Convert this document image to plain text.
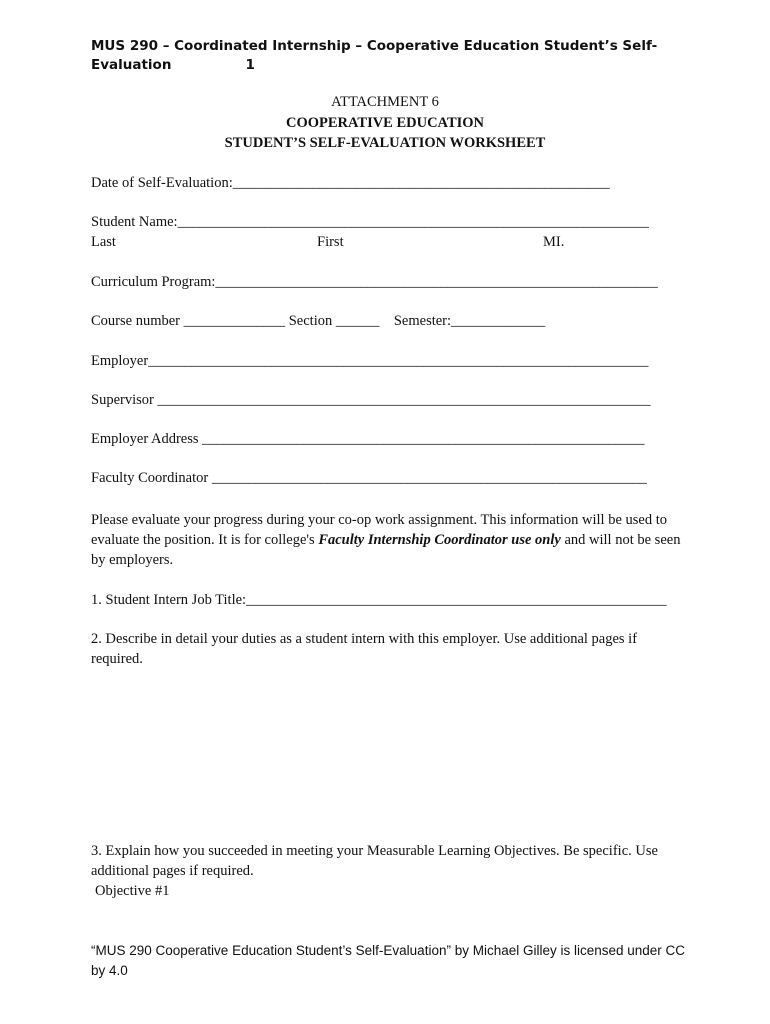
MUS 290 – Coordinated Internship – Cooperative Education Student’s Self-
Evaluation	1
ATTACHMENT 6
COOPERATIVE EDUCATION
STUDENT’S SELF-EVALUATION WORKSHEET
Date of Self-Evaluation:____________________________________________________
Student Name:_________________________________________________________________
Last	First	MI.
Curriculum Program:_____________________________________________________________
Course number ______________ Section ______    Semester:_____________
Employer_____________________________________________________________________
Supervisor ____________________________________________________________________
Employer Address _____________________________________________________________
Faculty Coordinator ____________________________________________________________
Please evaluate your progress during your co-op work assignment. This information will be used to evaluate the position. It is for college's Faculty Internship Coordinator use only and will not be seen by employers.
1. Student Intern Job Title:__________________________________________________________
2. Describe in detail your duties as a student intern with this employer. Use additional pages if required.
3. Explain how you succeeded in meeting your Measurable Learning Objectives. Be specific. Use additional pages if required.
Objective #1
“MUS 290 Cooperative Education Student’s Self-Evaluation” by Michael Gilley is licensed under CC by 4.0
